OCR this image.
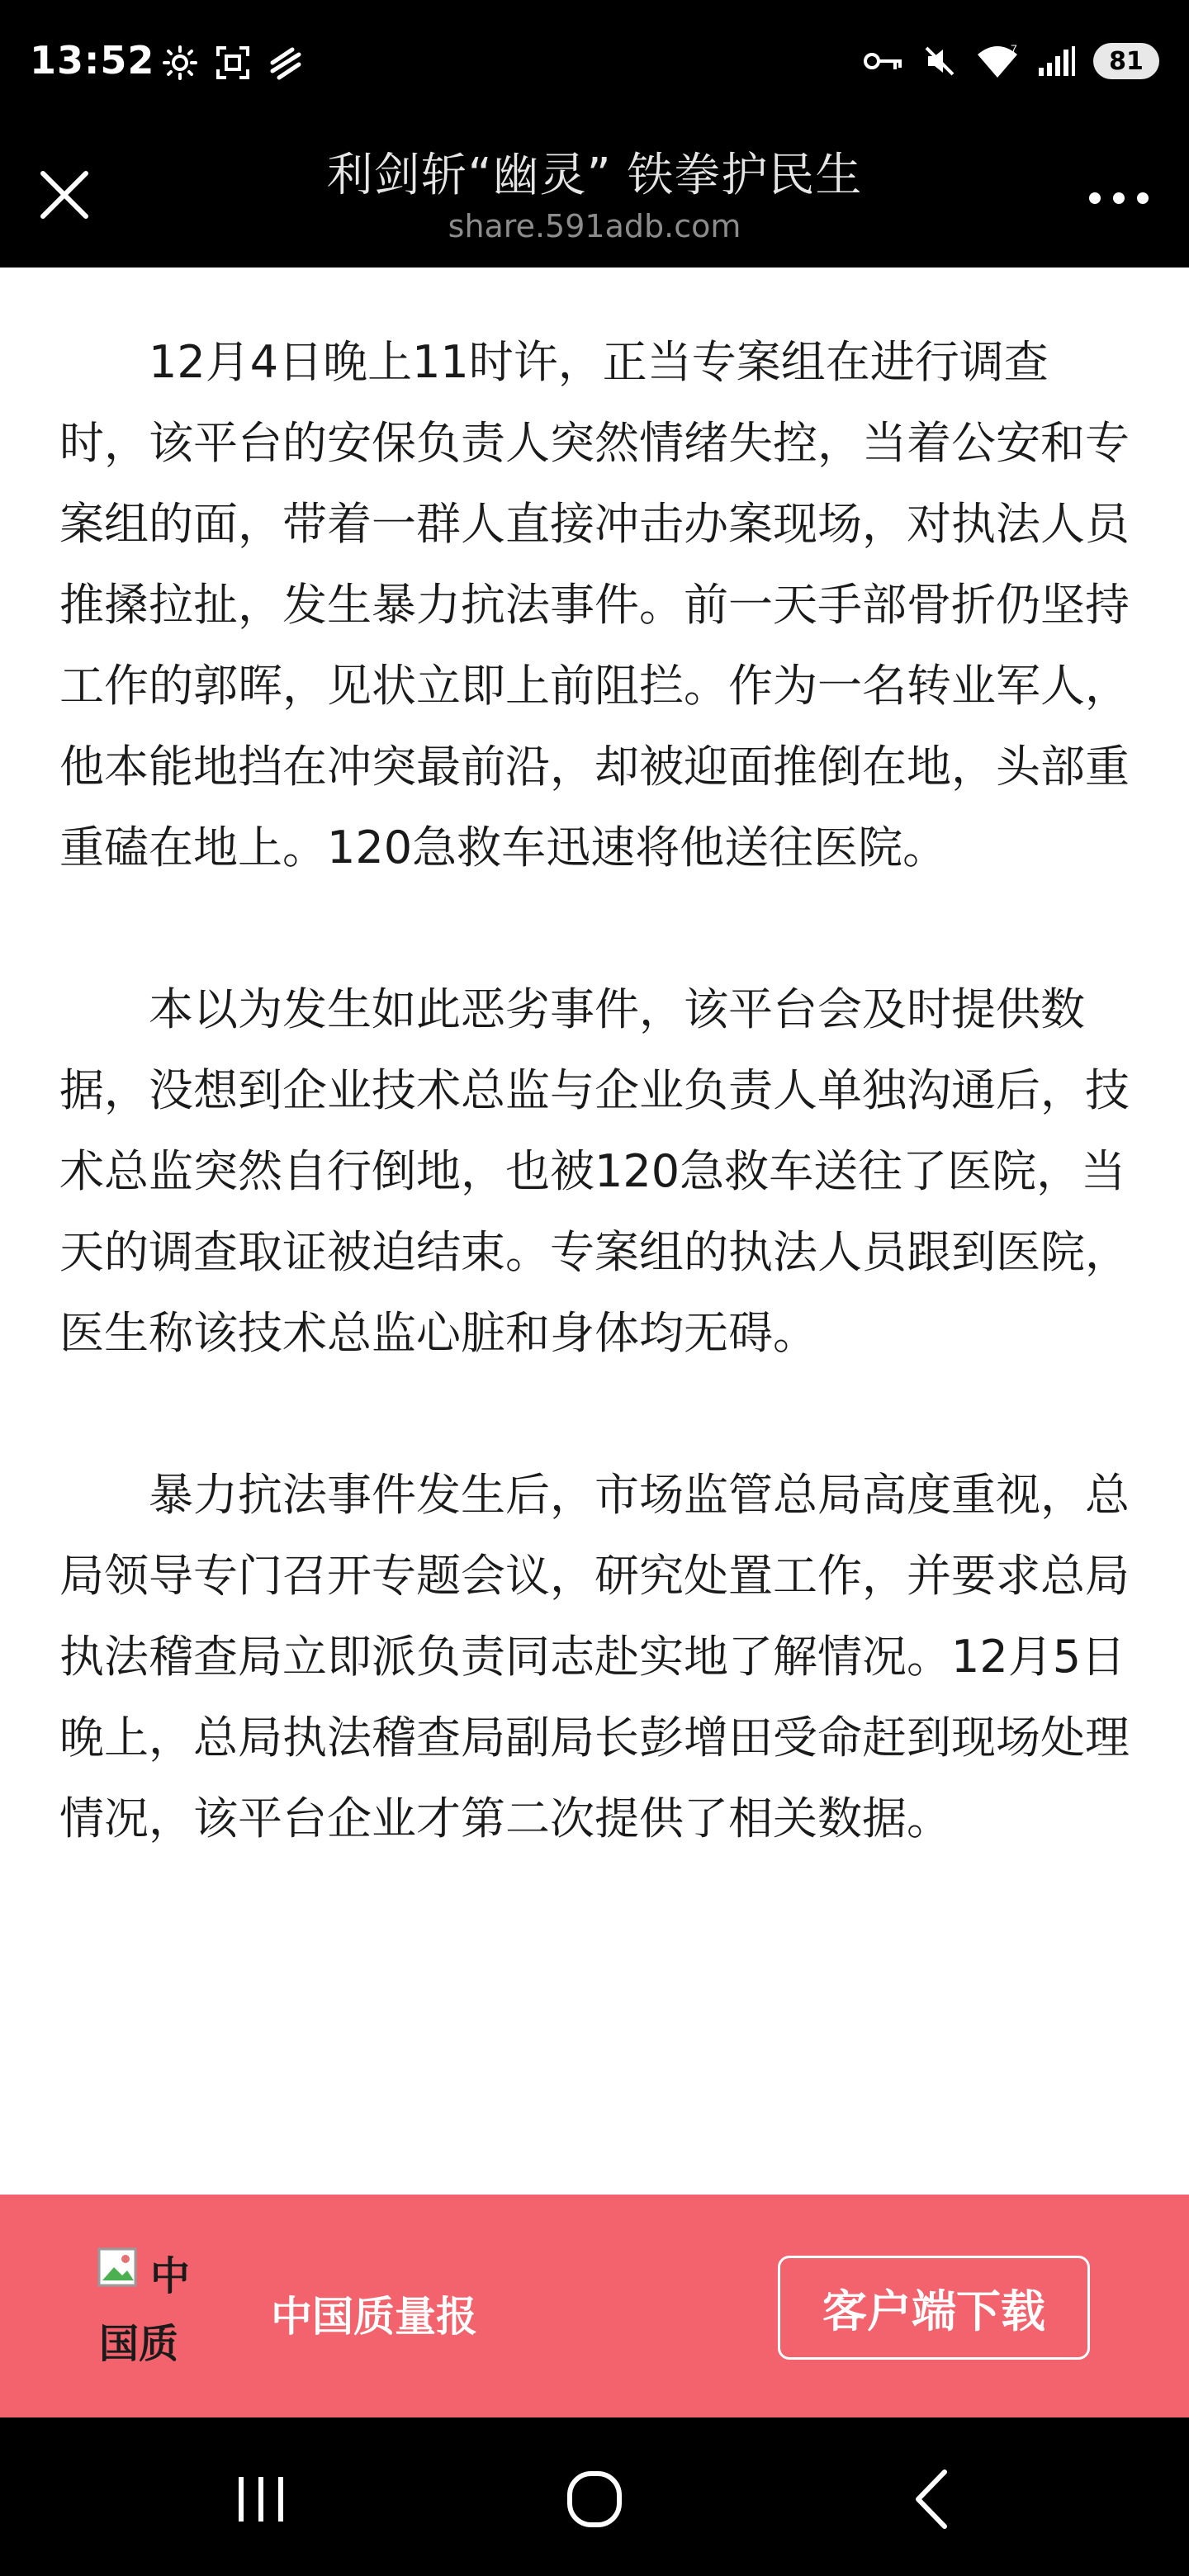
13:52	7	81
利剑斩“幽灵” 铁拳护民生
share.591adb.com

12月4日晚上11时许，正当专案组在进行调查时，该平台的安保负责人突然情绪失控，当着公安和专案组的面，带着一群人直接冲击办案现场，对执法人员推搡拉扯，发生暴力抗法事件。前一天手部骨折仍坚持工作的郭晖，见状立即上前阻拦。作为一名转业军人，他本能地挡在冲突最前沿，却被迎面推倒在地，头部重重磕在地上。120急救车迅速将他送往医院。

本以为发生如此恶劣事件，该平台会及时提供数据，没想到企业技术总监与企业负责人单独沟通后，技术总监突然自行倒地，也被120急救车送往了医院，当天的调查取证被迫结束。专案组的执法人员跟到医院，医生称该技术总监心脏和身体均无碍。

暴力抗法事件发生后，市场监管总局高度重视，总局领导专门召开专题会议，研究处置工作，并要求总局执法稽查局立即派负责同志赴实地了解情况。12月5日晚上，总局执法稽查局副局长彭增田受命赶到现场处理情况，该平台企业才第二次提供了相关数据。

中
国质
中国质量报	客户端下载
